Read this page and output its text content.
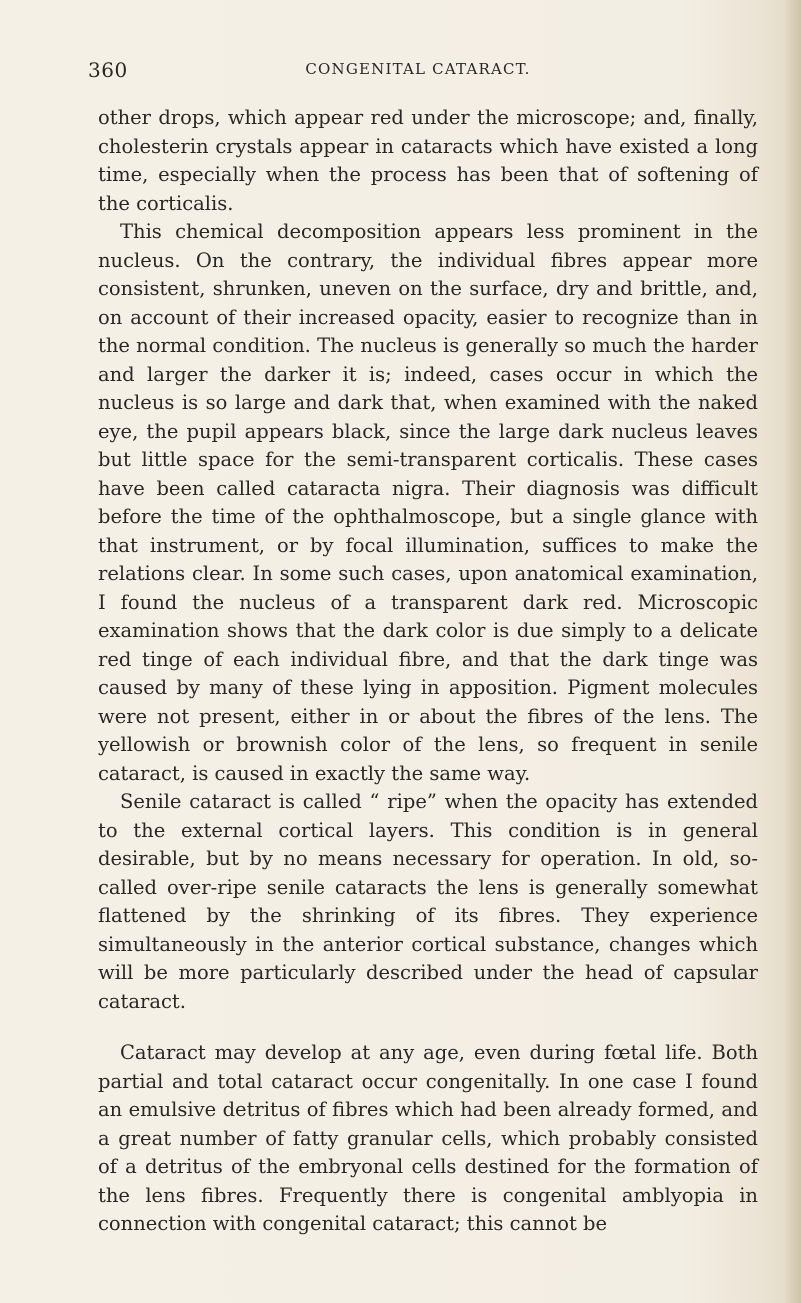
360	CONGENITAL CATARACT.

other drops, which appear red under the microscope; and, finally, cholesterin crystals appear in cataracts which have existed a long time, especially when the process has been that of softening of the corticalis.

This chemical decomposition appears less prominent in the nucleus. On the contrary, the individual fibres appear more consistent, shrunken, uneven on the surface, dry and brittle, and, on account of their increased opacity, easier to recognize than in the normal condition. The nucleus is generally so much the harder and larger the darker it is; indeed, cases occur in which the nucleus is so large and dark that, when examined with the naked eye, the pupil appears black, since the large dark nucleus leaves but little space for the semi-transparent corticalis. These cases have been called cataracta nigra. Their diagnosis was difficult before the time of the ophthalmoscope, but a single glance with that instrument, or by focal illumination, suffices to make the relations clear. In some such cases, upon anatomical examination, I found the nucleus of a transparent dark red. Microscopic examination shows that the dark color is due simply to a delicate red tinge of each individual fibre, and that the dark tinge was caused by many of these lying in apposition. Pigment molecules were not present, either in or about the fibres of the lens. The yellowish or brownish color of the lens, so frequent in senile cataract, is caused in exactly the same way.

Senile cataract is called “ ripe” when the opacity has extended to the external cortical layers. This condition is in general desirable, but by no means necessary for operation. In old, so-called over-ripe senile cataracts the lens is generally somewhat flattened by the shrinking of its fibres. They experience simultaneously in the anterior cortical substance, changes which will be more particularly described under the head of capsular cataract.

Cataract may develop at any age, even during fœtal life. Both partial and total cataract occur congenitally. In one case I found an emulsive detritus of fibres which had been already formed, and a great number of fatty granular cells, which probably consisted of a detritus of the embryonal cells destined for the formation of the lens fibres. Frequently there is congenital amblyopia in connection with congenital cataract; this cannot be
